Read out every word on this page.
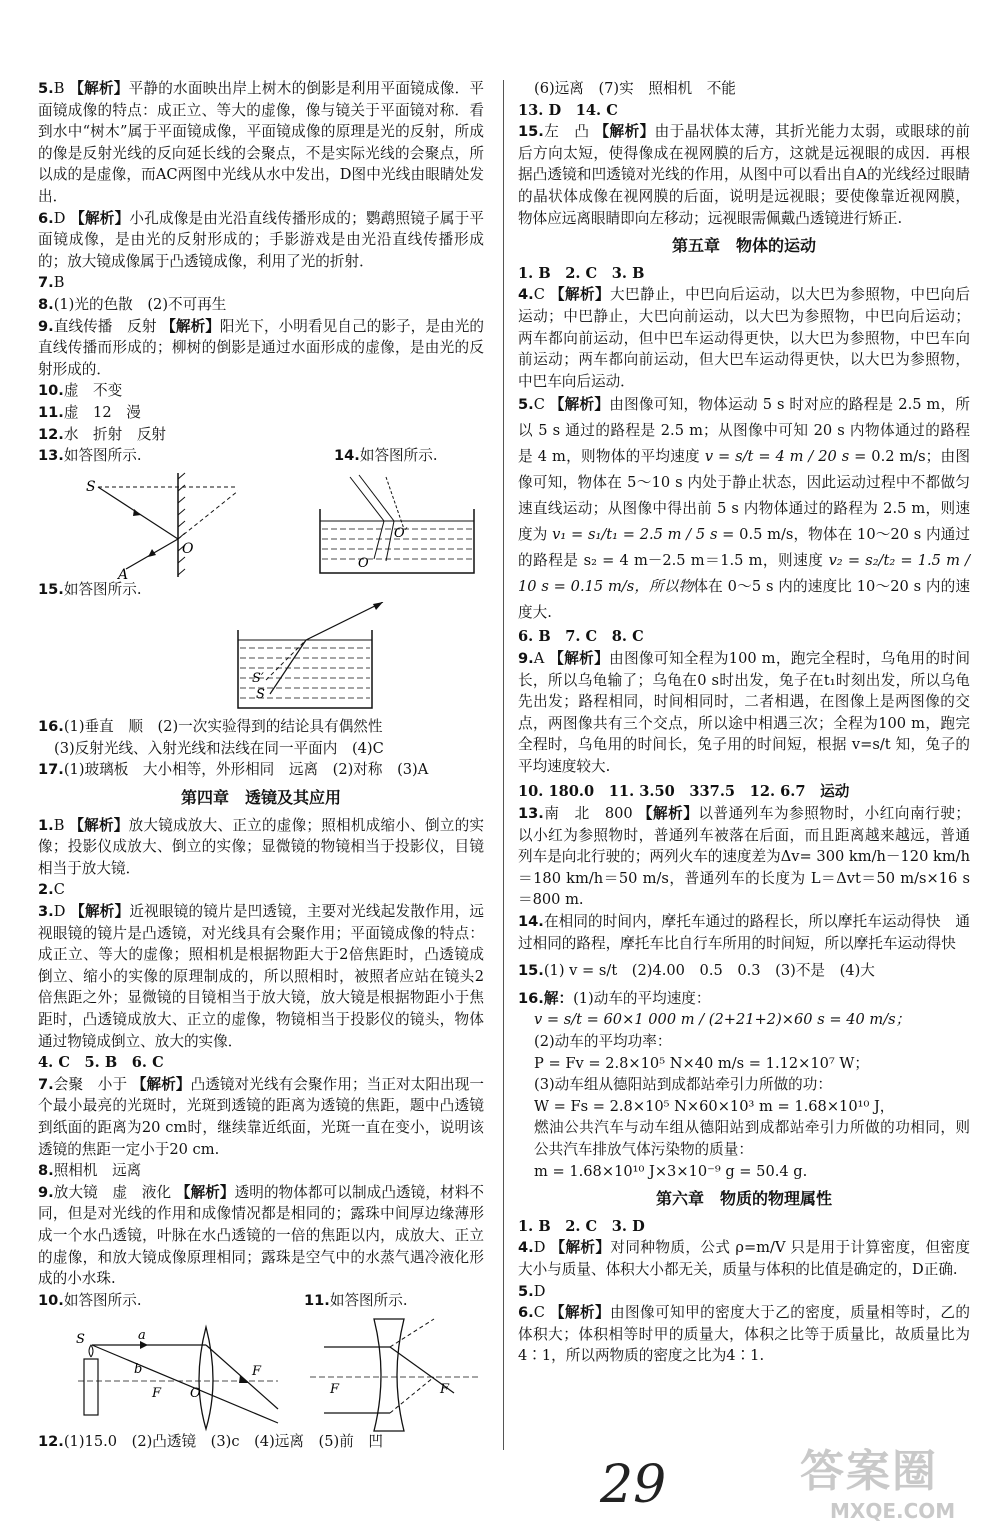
5.B 【解析】平静的水面映出岸上树木的倒影是利用平面镜成像．平面镜成像的特点：成正立、等大的虚像，像与镜关于平面镜对称．看到水中“树木”属于平面镜成像，平面镜成像的原理是光的反射，所成的像是反射光线的反向延长线的会聚点，不是实际光线的会聚点，所以成的是虚像，而AC两图中光线从水中发出，D图中光线由眼睛处发出．

6.D 【解析】小孔成像是由光沿直线传播形成的；鹦鹉照镜子属于平面镜成像，是由光的反射形成的；手影游戏是由光沿直线传播形成的；放大镜成像属于凸透镜成像，利用了光的折射．

7.B

8.(1)光的色散　(2)不可再生

9.直线传播　反射 【解析】阳光下，小明看见自己的影子，是由光的直线传播而形成的；柳树的倒影是通过水面形成的虚像，是由光的反射形成的．

10.虚　不变

11.虚　12　漫

12.水　折射　反射

13.如答图所示.	14.如答图所示.

S
O
A
O
O′

15.如答图所示.

S
S′

16.(1)垂直　顺　(2)一次实验得到的结论具有偶然性

(3)反射光线、入射光线和法线在同一平面内　(4)C

17.(1)玻璃板　大小相等，外形相同　远离　(2)对称　(3)A

第四章　透镜及其应用

1.B 【解析】放大镜成放大、正立的虚像；照相机成缩小、倒立的实像；投影仪成放大、倒立的实像；显微镜的物镜相当于投影仪，目镜相当于放大镜．

2.C

3.D 【解析】近视眼镜的镜片是凹透镜，主要对光线起发散作用，远视眼镜的镜片是凸透镜，对光线具有会聚作用；平面镜成像的特点：成正立、等大的虚像；照相机是根据物距大于2倍焦距时，凸透镜成倒立、缩小的实像的原理制成的，所以照相时，被照者应站在镜头2倍焦距之外；显微镜的目镜相当于放大镜，放大镜是根据物距小于焦距时，凸透镜成放大、正立的虚像，物镜相当于投影仪的镜头，物体通过物镜成倒立、放大的实像．

4. C　5. B　6. C

7.会聚　小于 【解析】凸透镜对光线有会聚作用；当正对太阳出现一个最小最亮的光斑时，光斑到透镜的距离为透镜的焦距，题中凸透镜到纸面的距离为20 cm时，继续靠近纸面，光斑一直在变小，说明该透镜的焦距一定小于20 cm.

8.照相机　远离

9.放大镜　虚　液化 【解析】透明的物体都可以制成凸透镜，材料不同，但是对光线的作用和成像情况都是相同的；露珠中间厚边缘薄形成一个水凸透镜，叶脉在水凸透镜的一倍的焦距以内，成放大、正立的虚像，和放大镜成像原理相同；露珠是空气中的水蒸气遇冷液化形成的小水珠.

10.如答图所示.	11.如答图所示.

S	a
b
F O
F
F	F

12.(1)15.0　(2)凸透镜　(3)c　(4)远离　(5)前　凹

(6)远离　(7)实　照相机　不能

13. D　14. C

15.左　凸 【解析】由于晶状体太薄，其折光能力太弱，或眼球的前后方向太短，使得像成在视网膜的后方，这就是远视眼的成因．再根据凸透镜和凹透镜对光线的作用，从图中可以看出自A的光线经过眼睛的晶状体成像在视网膜的后面，说明是远视眼；要使像靠近视网膜，物体应远离眼睛即向左移动；远视眼需佩戴凸透镜进行矫正.

第五章　物体的运动

1. B　2. C　3. B

4.C 【解析】大巴静止，中巴向后运动，以大巴为参照物，中巴向后运动；中巴静止，大巴向前运动，以大巴为参照物，中巴向后运动；两车都向前运动，但中巴车运动得更快，以大巴为参照物，中巴车向前运动；两车都向前运动，但大巴车运动得更快，以大巴为参照物，中巴车向后运动．

5.C 【解析】由图像可知，物体运动 5 s 时对应的路程是 2.5 m，所以 5 s 通过的路程是 2.5 m；从图像中可知 20 s 内物体通过的路程是 4 m，则物体的平均速度 v = s/t = 4 m / 20 s = 0.2 m/s；由图像可知，物体在 5～10 s 内处于静止状态，因此运动过程中不都做匀速直线运动；从图像中得出前 5 s 内物体通过的路程为 2.5 m，则速度为 v₁ = s₁/t₁ = 2.5 m / 5 s = 0.5 m/s，物体在 10～20 s 内通过的路程是 s₂ = 4 m－2.5 m＝1.5 m，则速度 v₂ = s₂/t₂ = 1.5 m / 10 s = 0.15 m/s，所以物体在 0～5 s 内的速度比 10～20 s 内的速度大.

6. B　7. C　8. C

9.A 【解析】由图像可知全程为100 m，跑完全程时，乌龟用的时间长，所以乌龟输了；乌龟在0 s时出发，兔子在t₁时刻出发，所以乌龟先出发；路程相同，时间相同时，二者相遇，在图像上是两图像的交点，两图像共有三个交点，所以途中相遇三次；全程为100 m，跑完全程时，乌龟用的时间长，兔子用的时间短，根据 v=s/t 知，兔子的平均速度较大.

10. 180.0　11. 3.50　337.5　12. 6.7　运动

13.南　北　800 【解析】以普通列车为参照物时，小红向南行驶；以小红为参照物时，普通列车被落在后面，而且距离越来越远，普通列车是向北行驶的；两列火车的速度差为Δv= 300 km/h－120 km/h＝180 km/h＝50 m/s，普通列车的长度为 L＝Δvt＝50 m/s×16 s＝800 m.

14.在相同的时间内，摩托车通过的路程长，所以摩托车运动得快　通过相同的路程，摩托车比自行车所用的时间短，所以摩托车运动得快

15.(1) v = s/t　(2)4.00　0.5　0.3　(3)不是　(4)大

16.解：(1)动车的平均速度：

v = s/t = 60×1 000 m / (2+21+2)×60 s = 40 m/s；

(2)动车的平均功率：

P = Fv = 2.8×10⁵ N×40 m/s = 1.12×10⁷ W；

(3)动车组从德阳站到成都站牵引力所做的功：

W = Fs = 2.8×10⁵ N×60×10³ m = 1.68×10¹⁰ J，

燃油公共汽车与动车组从德阳站到成都站牵引力所做的功相同，则公共汽车排放气体污染物的质量：

m = 1.68×10¹⁰ J×3×10⁻⁹ g = 50.4 g.

第六章　物质的物理属性

1. B　2. C　3. D

4.D 【解析】对同种物质，公式 ρ=m/V 只是用于计算密度，但密度大小与质量、体积大小都无关，质量与体积的比值是确定的，D正确.

5.D

6.C 【解析】由图像可知甲的密度大于乙的密度，质量相等时，乙的体积大；体积相等时甲的质量大，体积之比等于质量比，故质量比为4∶1，所以两物质的密度之比为4∶1.

29	答案圈
MXQE.COM
